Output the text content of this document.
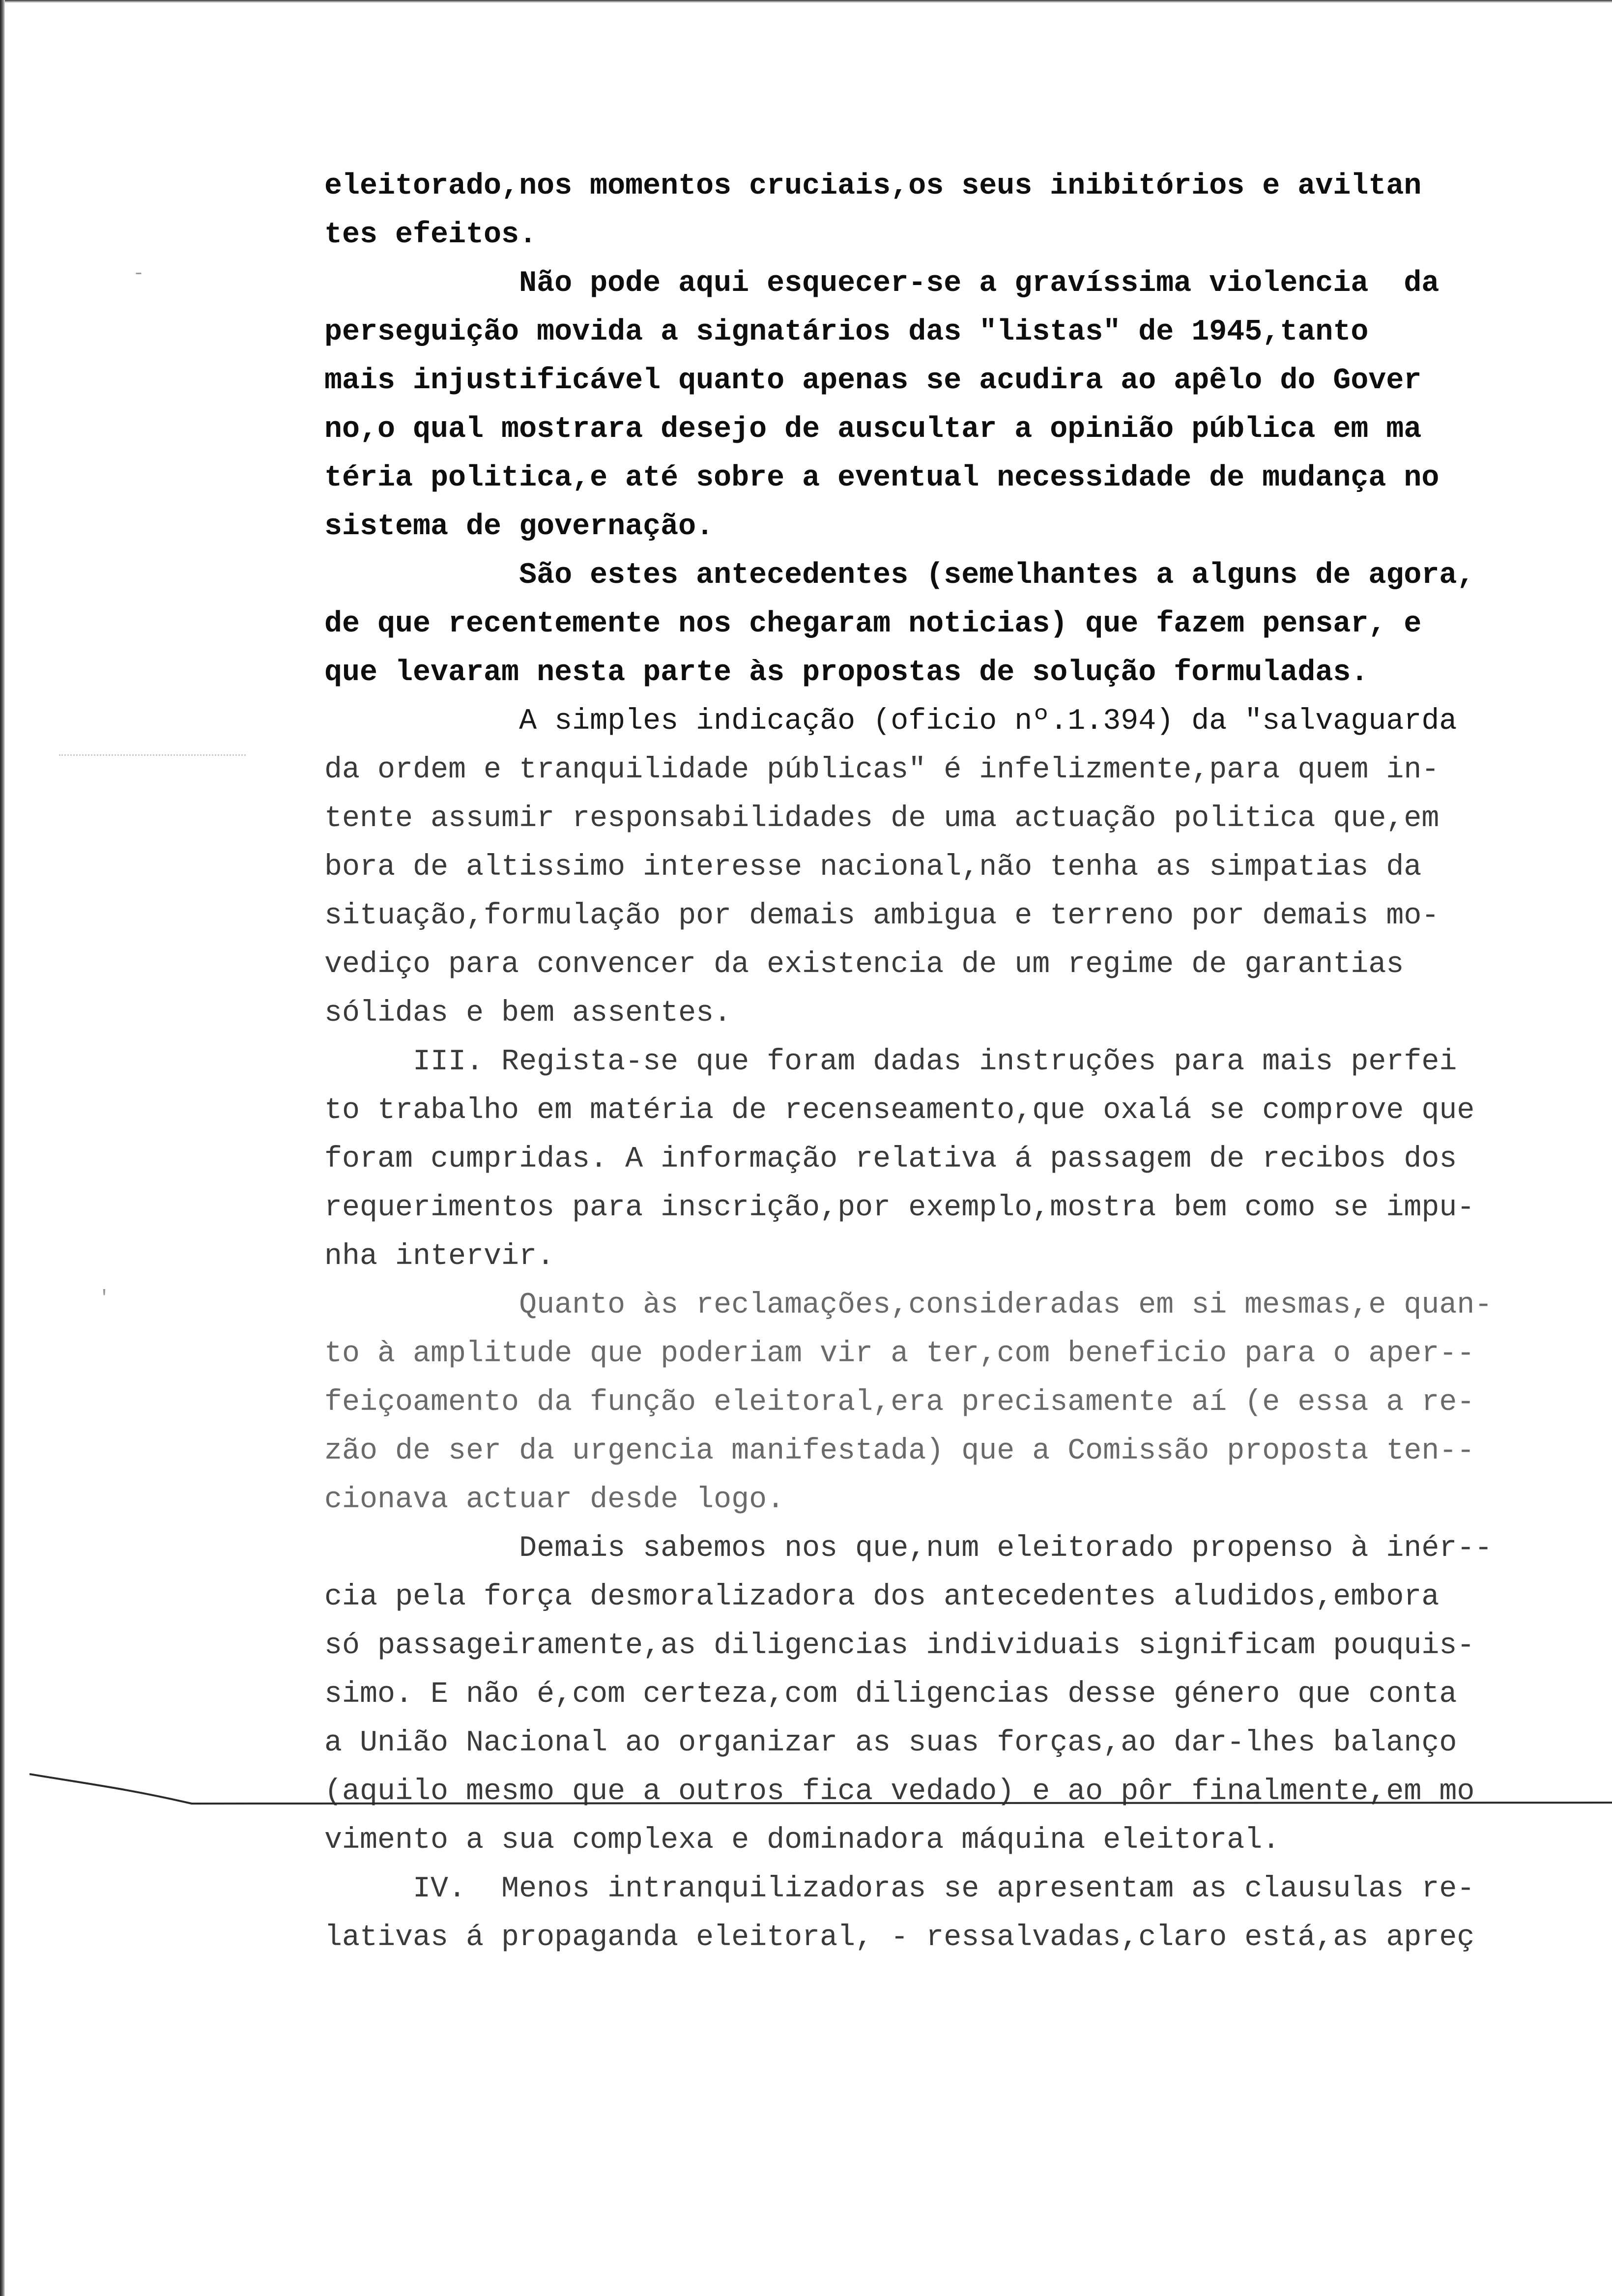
-
'

eleitorado,nos momentos cruciais,os seus inibitórios e aviltan

tes efeitos.

Não pode aqui esquecer-se a gravíssima violencia  da

perseguição movida a signatários das "listas" de 1945,tanto

mais injustificável quanto apenas se acudira ao apêlo do Gover

no,o qual mostrara desejo de auscultar a opinião pública em ma

téria politica,e até sobre a eventual necessidade de mudança no

sistema de governação.

São estes antecedentes (semelhantes a alguns de agora,

de que recentemente nos chegaram noticias) que fazem pensar, e

que levaram nesta parte às propostas de solução formuladas.

A simples indicação (oficio nº.1.394) da "salvaguarda

da ordem e tranquilidade públicas" é infelizmente,para quem in-

tente assumir responsabilidades de uma actuação politica que,em

bora de altissimo interesse nacional,não tenha as simpatias da

situação,formulação por demais ambigua e terreno por demais mo-

vediço para convencer da existencia de um regime de garantias

sólidas e bem assentes.

III. Regista-se que foram dadas instruções para mais perfei

to trabalho em matéria de recenseamento,que oxalá se comprove que

foram cumpridas. A informação relativa á passagem de recibos dos

requerimentos para inscrição,por exemplo,mostra bem como se impu-

nha intervir.

Quanto às reclamações,consideradas em si mesmas,e quan-

to à amplitude que poderiam vir a ter,com beneficio para o aper--

feiçoamento da função eleitoral,era precisamente aí (e essa a re-

zão de ser da urgencia manifestada) que a Comissão proposta ten--

cionava actuar desde logo.

Demais sabemos nos que,num eleitorado propenso à inér--

cia pela força desmoralizadora dos antecedentes aludidos,embora

só passageiramente,as diligencias individuais significam pouquis-

simo. E não é,com certeza,com diligencias desse género que conta

a União Nacional ao organizar as suas forças,ao dar-lhes balanço

(aquilo mesmo que a outros fica vedado) e ao pôr finalmente,em mo

vimento a sua complexa e dominadora máquina eleitoral.

IV.  Menos intranquilizadoras se apresentam as clausulas re-

lativas á propaganda eleitoral, - ressalvadas,claro está,as apreç
